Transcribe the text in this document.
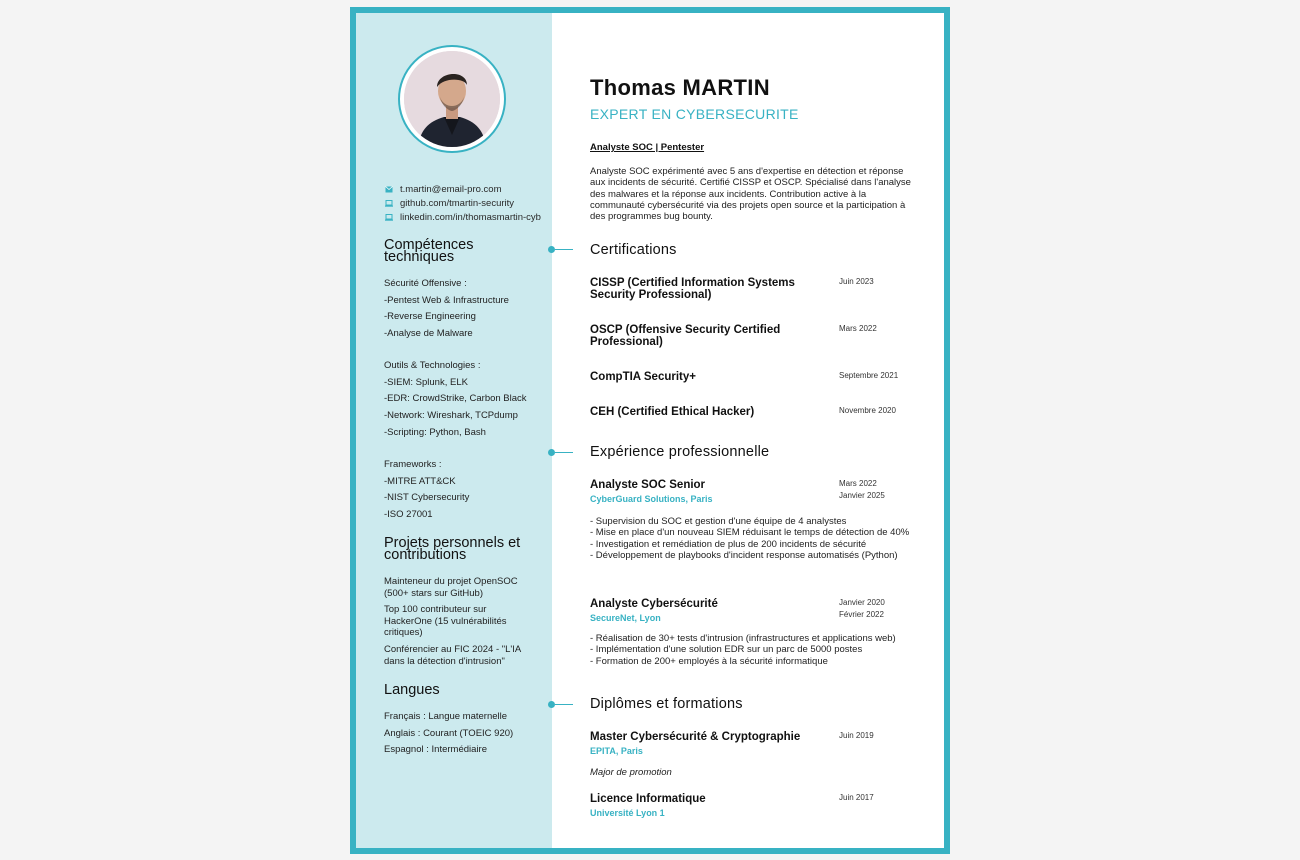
t.martin@email-pro.com
github.com/tmartin-security
linkedin.com/in/thomasmartin-cyb
Compétences techniques
Sécurité Offensive :
-Pentest Web & Infrastructure
-Reverse Engineering
-Analyse de Malware
Outils & Technologies :
-SIEM: Splunk, ELK
-EDR: CrowdStrike, Carbon Black
-Network: Wireshark, TCPdump
-Scripting: Python, Bash
Frameworks :
-MITRE ATT&CK
-NIST Cybersecurity
-ISO 27001
Projets personnels et contributions
Mainteneur du projet OpenSOC (500+ stars sur GitHub)
Top 100 contributeur sur HackerOne (15 vulnérabilités critiques)
Conférencier au FIC 2024 - "L'IA dans la détection d'intrusion"
Langues
Français : Langue maternelle
Anglais : Courant (TOEIC 920)
Espagnol : Intermédiaire
Thomas MARTIN
EXPERT EN CYBERSECURITE
Analyste SOC | Pentester
Analyste SOC expérimenté avec 5 ans d'expertise en détection et réponse aux incidents de sécurité. Certifié CISSP et OSCP. Spécialisé dans l'analyse des malwares et la réponse aux incidents. Contribution active à la communauté cybersécurité via des projets open source et la participation à des programmes bug bounty.
Certifications
CISSP (Certified Information Systems Security Professional)
Juin 2023
OSCP (Offensive Security Certified Professional)
Mars 2022
CompTIA Security+	Septembre 2021
CEH (Certified Ethical Hacker)	Novembre 2020
Expérience professionnelle
Analyste SOC Senior	Mars 2022
Janvier 2025
CyberGuard Solutions, Paris
- Supervision du SOC et gestion d'une équipe de 4 analystes
- Mise en place d'un nouveau SIEM réduisant le temps de détection de 40%
- Investigation et remédiation de plus de 200 incidents de sécurité
- Développement de playbooks d'incident response automatisés (Python)
Analyste Cybersécurité	Janvier 2020
Février 2022
SecureNet, Lyon
- Réalisation de 30+ tests d'intrusion (infrastructures et applications web)
- Implémentation d'une solution EDR sur un parc de 5000 postes
- Formation de 200+ employés à la sécurité informatique
Diplômes et formations
Master Cybersécurité & Cryptographie	Juin 2019
EPITA, Paris
Major de promotion
Licence Informatique	Juin 2017
Université Lyon 1
